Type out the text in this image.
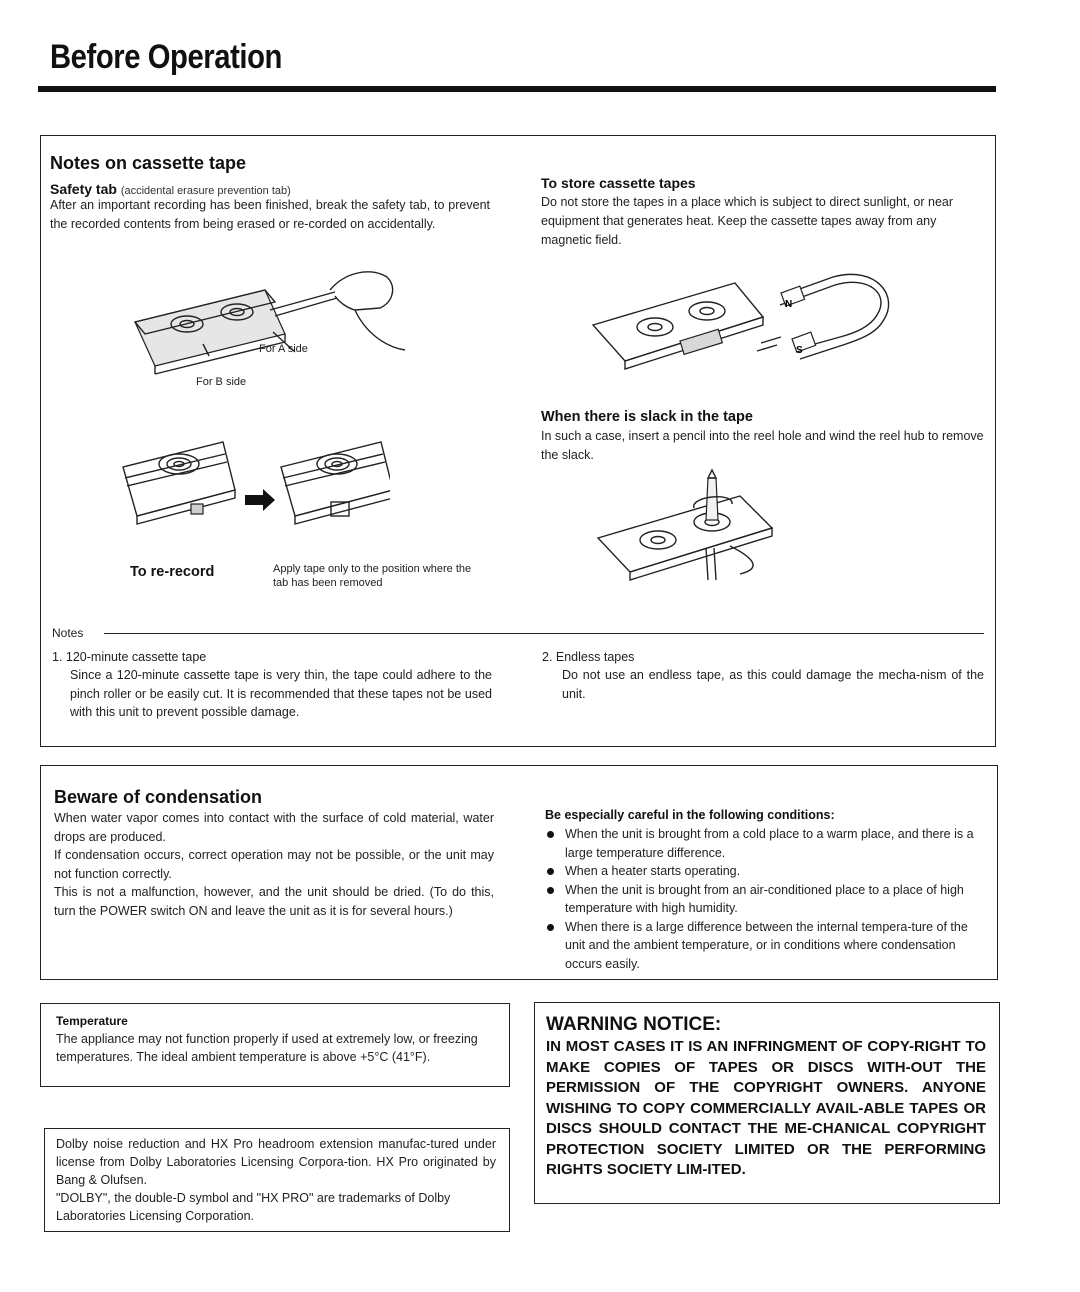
Before Operation
Notes on cassette tape
Safety tab (accidental erasure prevention tab)
After an important recording has been finished, break the safety tab, to prevent the recorded contents from being erased or re-corded on accidentally.
For A side
For B side
To re-record	Apply tape only to the position where the tab has been removed
To store cassette tapes
Do not store the tapes in a place which is subject to direct sunlight, or near equipment that generates heat. Keep the cassette tapes away from any magnetic field.
N
S
When there is slack in the tape
In such a case, insert a pencil into the reel hole and wind the reel hub to remove the slack.
Notes
1. 120-minute cassette tape
Since a 120-minute cassette tape is very thin, the tape could adhere to the pinch roller or be easily cut. It is recommended that these tapes not be used with this unit to prevent possible damage.
2. Endless tapes
Do not use an endless tape, as this could damage the mecha-nism of the unit.
Beware of condensation
When water vapor comes into contact with the surface of cold material, water drops are produced.
If condensation occurs, correct operation may not be possible, or the unit may not function correctly.
This is not a malfunction, however, and the unit should be dried. (To do this, turn the POWER switch ON and leave the unit as it is for several hours.)
Be especially careful in the following conditions:
When the unit is brought from a cold place to a warm place, and there is a large temperature difference.
When a heater starts operating.
When the unit is brought from an air-conditioned place to a place of high temperature with high humidity.
When there is a large difference between the internal tempera-ture of the unit and the ambient temperature, or in conditions where condensation occurs easily.
Temperature
The appliance may not function properly if used at extremely low, or freezing temperatures. The ideal ambient temperature is above +5°C (41°F).
Dolby noise reduction and HX Pro headroom extension manufac-tured under license from Dolby Laboratories Licensing Corpora-tion. HX Pro originated by Bang & Olufsen.
"DOLBY", the double-D symbol and "HX PRO" are trademarks of Dolby Laboratories Licensing Corporation.
WARNING NOTICE:
IN MOST CASES IT IS AN INFRINGMENT OF COPY-RIGHT TO MAKE COPIES OF TAPES OR DISCS WITH-OUT THE PERMISSION OF THE COPYRIGHT OWNERS. ANYONE WISHING TO COPY COMMERCIALLY AVAIL-ABLE TAPES OR DISCS SHOULD CONTACT THE ME-CHANICAL COPYRIGHT PROTECTION SOCIETY LIMITED OR THE PERFORMING RIGHTS SOCIETY LIM-ITED.
